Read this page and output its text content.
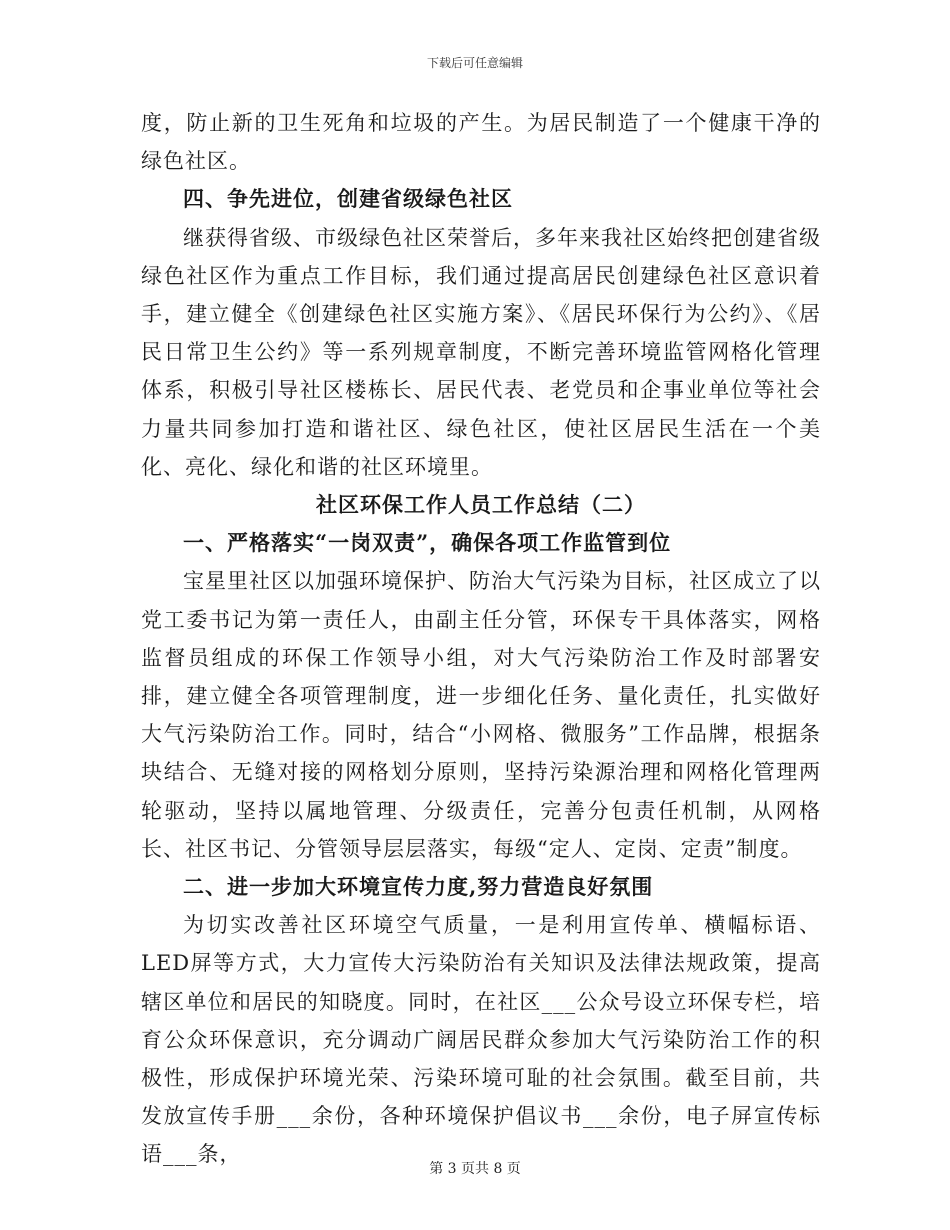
下载后可任意编辑

度，防止新的卫生死角和垃圾的产生。为居民制造了一个健康干净的绿色社区。

四、争先进位，创建省级绿色社区

继获得省级、市级绿色社区荣誉后，多年来我社区始终把创建省级绿色社区作为重点工作目标，我们通过提高居民创建绿色社区意识着手，建立健全《创建绿色社区实施方案》、《居民环保行为公约》、《居民日常卫生公约》等一系列规章制度，不断完善环境监管网格化管理体系，积极引导社区楼栋长、居民代表、老党员和企事业单位等社会力量共同参加打造和谐社区、绿色社区，使社区居民生活在一个美化、亮化、绿化和谐的社区环境里。

社区环保工作人员工作总结（二）

一、严格落实“一岗双责”，确保各项工作监管到位

宝星里社区以加强环境保护、防治大气污染为目标，社区成立了以党工委书记为第一责任人，由副主任分管，环保专干具体落实，网格监督员组成的环保工作领导小组，对大气污染防治工作及时部署安排，建立健全各项管理制度，进一步细化任务、量化责任，扎实做好大气污染防治工作。同时，结合“小网格、微服务”工作品牌，根据条块结合、无缝对接的网格划分原则，坚持污染源治理和网格化管理两轮驱动，坚持以属地管理、分级责任，完善分包责任机制，从网格长、社区书记、分管领导层层落实，每级“定人、定岗、定责”制度。

二、进一步加大环境宣传力度,努力营造良好氛围

为切实改善社区环境空气质量，一是利用宣传单、横幅标语、LED屏等方式，大力宣传大污染防治有关知识及法律法规政策，提高辖区单位和居民的知晓度。同时，在社区___公众号设立环保专栏，培育公众环保意识，充分调动广阔居民群众参加大气污染防治工作的积极性，形成保护环境光荣、污染环境可耻的社会氛围。截至目前，共发放宣传手册___余份，各种环境保护倡议书___余份，电子屏宣传标语___条，

第 3 页共 8 页
